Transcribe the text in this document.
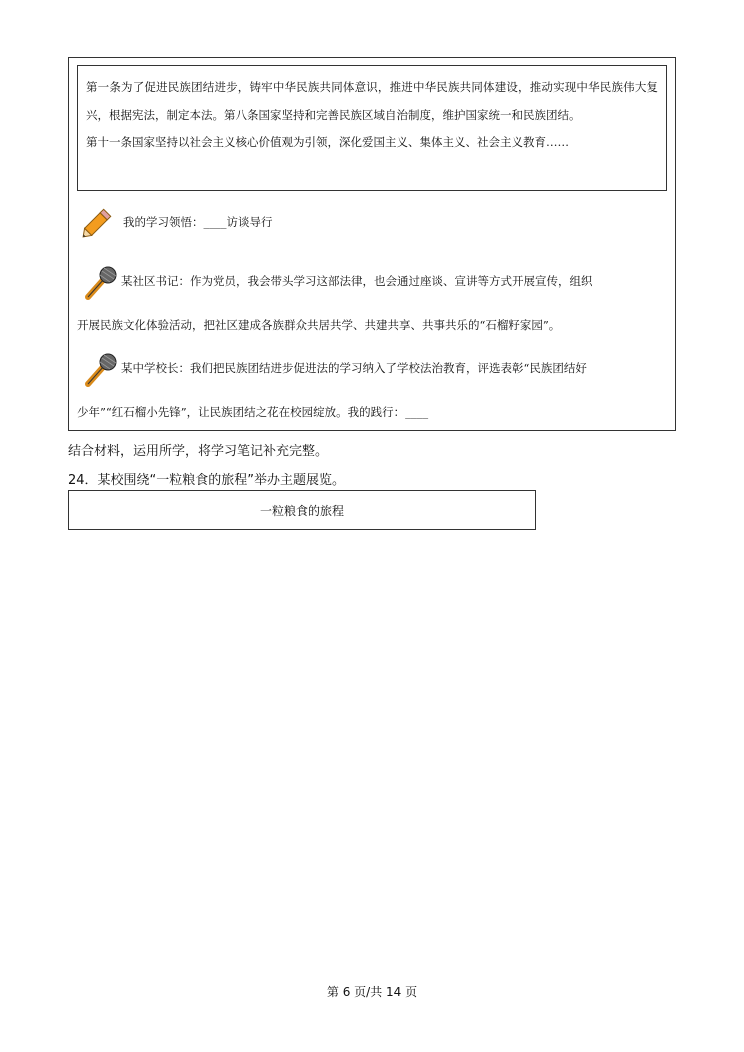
第一条为了促进民族团结进步，铸牢中华民族共同体意识，推进中华民族共同体建设，推动实现中华民族伟大复兴，根据宪法，制定本法。第八条国家坚持和完善民族区域自治制度，维护国家统一和民族团结。

第十一条国家坚持以社会主义核心价值观为引领，深化爱国主义、集体主义、社会主义教育……

我的学习领悟：____访谈导行
某社区书记：作为党员，我会带头学习这部法律，也会通过座谈、宣讲等方式开展宣传，组织
开展民族文化体验活动，把社区建成各族群众共居共学、共建共享、共事共乐的“石榴籽家园”。
某中学校长：我们把民族团结进步促进法的学习纳入了学校法治教育，评选表彰“民族团结好
少年”“红石榴小先锋”，让民族团结之花在校园绽放。我的践行：____
结合材料，运用所学，将学习笔记补充完整。
24．某校围绕“一粒粮食的旅程”举办主题展览。
一粒粮食的旅程
第 6 页/共 14 页
